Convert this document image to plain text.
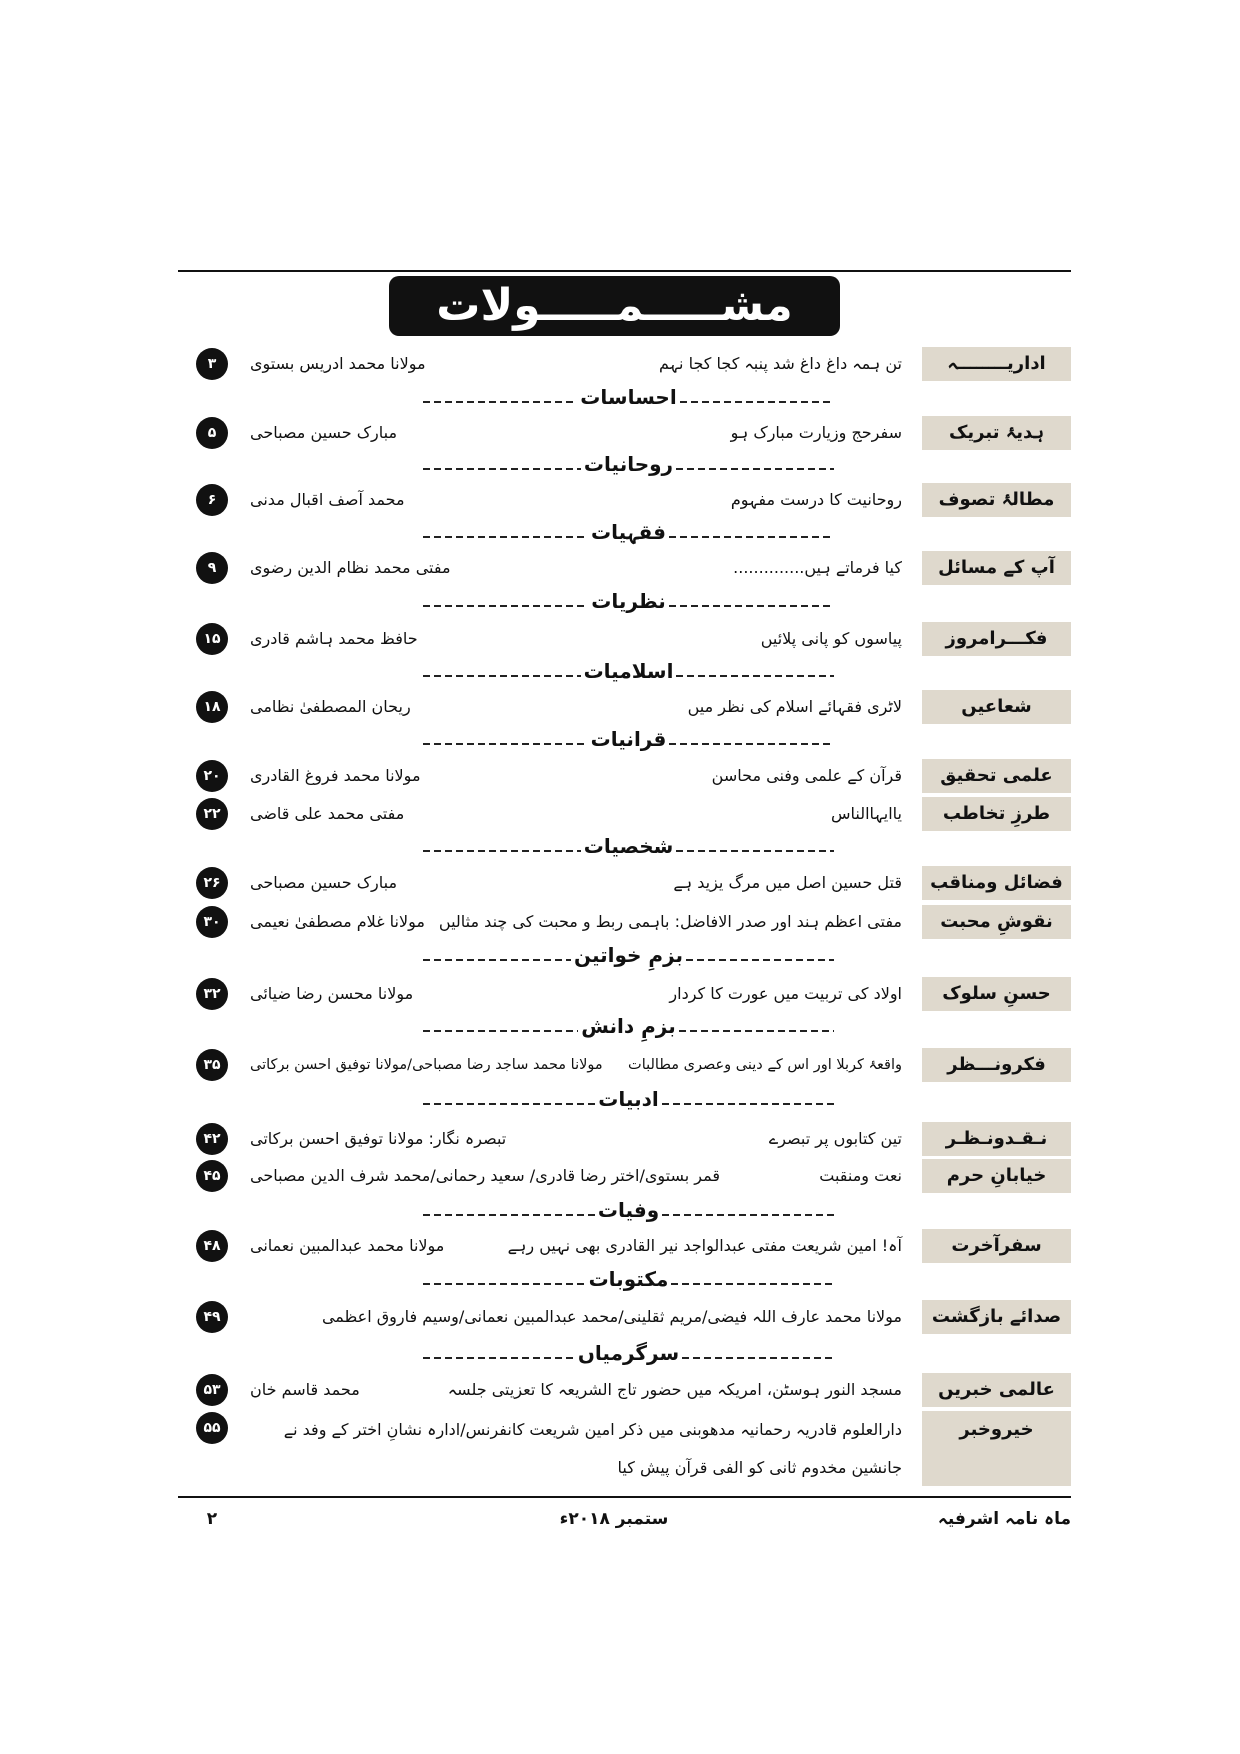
مشـــــمـــــولات
اداریــــــــہ
تن ہمہ داغ داغ شد پنبہ کجا کجا نہم
مولانا محمد ادریس بستوی
۳
احساسات
ہدیۂ تبریک
سفرحج وزیارت مبارک ہو
مبارک حسین مصباحی
۵
روحانیات
مطالۂ تصوف
روحانیت کا درست مفہوم
محمد آصف اقبال مدنی
۶
فقہیات
آپ کے مسائل
کیا فرماتے ہیں..............
مفتی محمد نظام الدین رضوی
۹
نظریات
فکـــرامروز
پیاسوں کو پانی پلائیں
حافظ محمد ہاشم قادری
۱۵
اسلامیات
شعاعیں
لاٹری فقہائے اسلام کی نظر میں
ریحان المصطفیٰ نظامی
۱۸
قرانیات
علمی تحقیق
قرآن کے علمی وفنی محاسن
مولانا محمد فروغ القادری
۲۰
طرزِ تخاطب
یاایہاالناس
مفتی محمد علی قاضی
۲۲
شخصیات
فضائل ومناقب
قتل حسین اصل میں مرگ یزید ہے
مبارک حسین مصباحی
۲۶
نقوشِ محبت
مفتی اعظم ہند اور صدر الافاضل: باہمی ربط و محبت کی چند مثالیں
مولانا غلام مصطفیٰ نعیمی
۳۰
بزمِ خواتین
حسنِ سلوک
اولاد کی تربیت میں عورت کا کردار
مولانا محسن رضا ضیائی
۳۲
بزمِ دانش
فکرونـــظر
واقعۂ کربلا اور اس کے دینی وعصری مطالبات
مولانا محمد ساجد رضا مصباحی/مولانا توفیق احسن برکاتی
۳۵
ادبیات
نـقـدونـظـر
تین کتابوں پر تبصرے
تبصرہ نگار: مولانا توفیق احسن برکاتی
۴۲
خیابانِ حرم
نعت ومنقبت
قمر بستوی/اختر رضا قادری/ سعید رحمانی/محمد شرف الدین مصباحی
۴۵
وفیات
سفرآخرت
آہ! امین شریعت مفتی عبدالواجد نیر القادری بھی نہیں رہے
مولانا محمد عبدالمبین نعمانی
۴۸
مکتوبات
صدائے بازگشت
مولانا محمد عارف اللہ فیضی/مریم ثقلینی/محمد عبدالمبین نعمانی/وسیم فاروق اعظمی
۴۹
سرگرمیاں
عالمی خبریں
مسجد النور ہوسٹن، امریکہ میں حضور تاج الشریعہ کا تعزیتی جلسہ
محمد قاسم خان
۵۳
خیروخبر
دارالعلوم قادریہ رحمانیہ مدھوبنی میں ذکر امین شریعت کانفرنس/ادارہ نشانِ اختر کے وفد نے جانشین مخدوم ثانی کو الفی قرآن پیش کیا
۵۵
ماہ نامہ اشرفیہ
ستمبر ۲۰۱۸ء
۲
